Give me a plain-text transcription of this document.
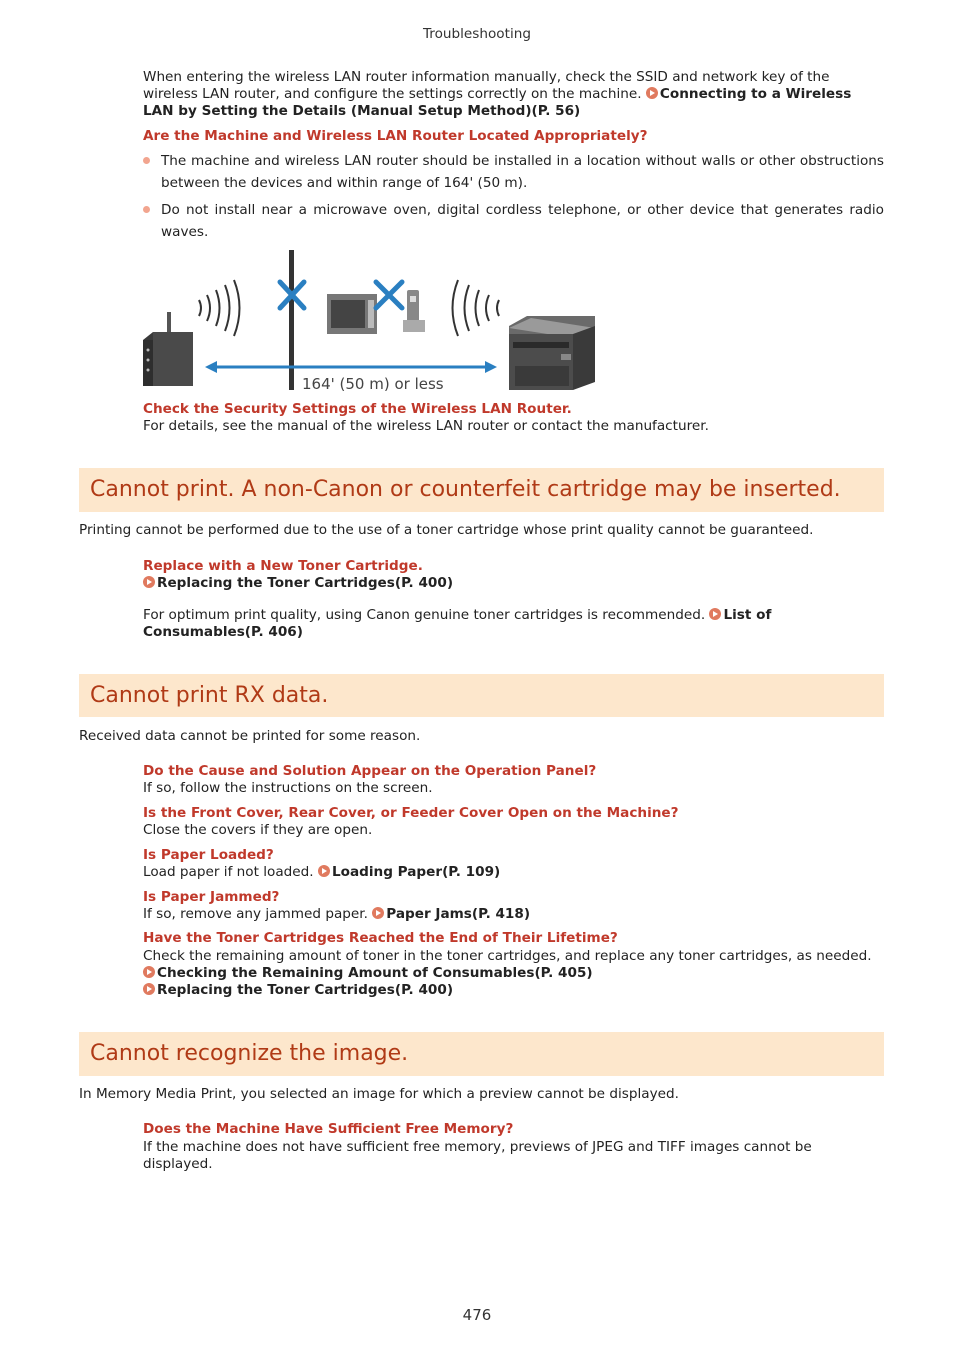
Troubleshooting
When entering the wireless LAN router information manually, check the SSID and network key of the wireless LAN router, and configure the settings correctly on the machine. Connecting to a Wireless LAN by Setting the Details (Manual Setup Method)(P. 56)
Are the Machine and Wireless LAN Router Located Appropriately?
The machine and wireless LAN router should be installed in a location without walls or other obstructions between the devices and within range of 164' (50 m).
Do not install near a microwave oven, digital cordless telephone, or other device that generates radio waves.
164' (50 m) or less
Check the Security Settings of the Wireless LAN Router.
For details, see the manual of the wireless LAN router or contact the manufacturer.
Cannot print. A non-Canon or counterfeit cartridge may be inserted.
Printing cannot be performed due to the use of a toner cartridge whose print quality cannot be guaranteed.
Replace with a New Toner Cartridge.
Replacing the Toner Cartridges(P. 400)
For optimum print quality, using Canon genuine toner cartridges is recommended. List of Consumables(P. 406)
Cannot print RX data.
Received data cannot be printed for some reason.
Do the Cause and Solution Appear on the Operation Panel?
If so, follow the instructions on the screen.
Is the Front Cover, Rear Cover, or Feeder Cover Open on the Machine?
Close the covers if they are open.
Is Paper Loaded?
Load paper if not loaded. Loading Paper(P. 109)
Is Paper Jammed?
If so, remove any jammed paper. Paper Jams(P. 418)
Have the Toner Cartridges Reached the End of Their Lifetime?
Check the remaining amount of toner in the toner cartridges, and replace any toner cartridges, as needed.
Checking the Remaining Amount of Consumables(P. 405)
Replacing the Toner Cartridges(P. 400)
Cannot recognize the image.
In Memory Media Print, you selected an image for which a preview cannot be displayed.
Does the Machine Have Sufficient Free Memory?
If the machine does not have sufficient free memory, previews of JPEG and TIFF images cannot be displayed.
476
